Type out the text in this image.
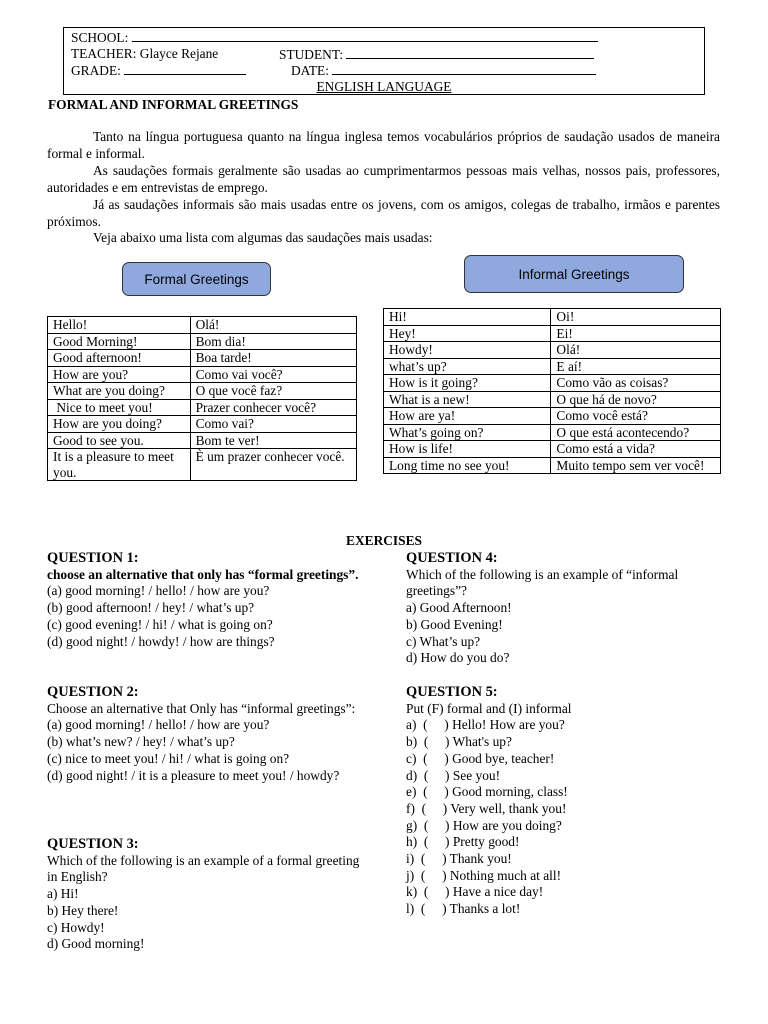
SCHOOL:
TEACHER: Glayce Rejane	STUDENT:
GRADE:	DATE:
ENGLISH LANGUAGE
FORMAL AND INFORMAL GREETINGS
Tanto na língua portuguesa quanto na língua inglesa temos vocabulários próprios de saudação usados de maneira formal e informal.
As saudações formais geralmente são usadas ao cumprimentarmos pessoas mais velhas, nossos pais, professores, autoridades e em entrevistas de emprego.
Já as saudações informais são mais usadas entre os jovens, com os amigos, colegas de trabalho, irmãos e parentes próximos.
Veja abaixo uma lista com algumas das saudações mais usadas:
Formal Greetings	Informal Greetings
Hello!	Olá!
Good Morning!	Bom dia!
Good afternoon!	Boa tarde!
How are you?	Como vai você?
What are you doing?	O que você faz?
Nice to meet you!	Prazer conhecer você?
How are you doing?	Como vai?
Good to see you.	Bom te ver!
It is a pleasure to meet you.	È um prazer conhecer você.
Hi!	Oi!
Hey!	Ei!
Howdy!	Olá!
what’s up?	E aí!
How is it going?	Como vão as coisas?
What is a new!	O que há de novo?
How are ya!	Como você está?
What’s going on?	O que está acontecendo?
How is life!	Como está a vida?
Long time no see you!	Muito tempo sem ver você!
EXERCISES
QUESTION 1:
choose an alternative that only has “formal greetings”.
(a) good morning! / hello! / how are you?
(b) good afternoon! / hey! / what’s up?
(c) good evening! / hi! / what is going on?
(d) good night! / howdy! / how are things?
QUESTION 2:
Choose an alternative that Only has “informal greetings”:
(a) good morning! / hello! / how are you?
(b) what’s new? / hey! / what’s up?
(c) nice to meet you! / hi! / what is going on?
(d) good night! / it is a pleasure to meet you! / howdy?
QUESTION 3:
Which of the following is an example of a formal greeting in English?
a) Hi!
b) Hey there!
c) Howdy!
d) Good morning!
QUESTION 4:
Which of the following is an example of “informal greetings”?
a) Good Afternoon!
b) Good Evening!
c) What’s up?
d) How do you do?
QUESTION 5:
Put (F) formal and (I) informal
a)  (     ) Hello! How are you?
b)  (     ) What's up?
c)  (     ) Good bye, teacher!
d)  (     ) See you!
e)  (     ) Good morning, class!
f)  (     ) Very well, thank you!
g)  (     ) How are you doing?
h)  (     ) Pretty good!
i)  (     ) Thank you!
j)  (     ) Nothing much at all!
k)  (     ) Have a nice day!
l)  (     ) Thanks a lot!
